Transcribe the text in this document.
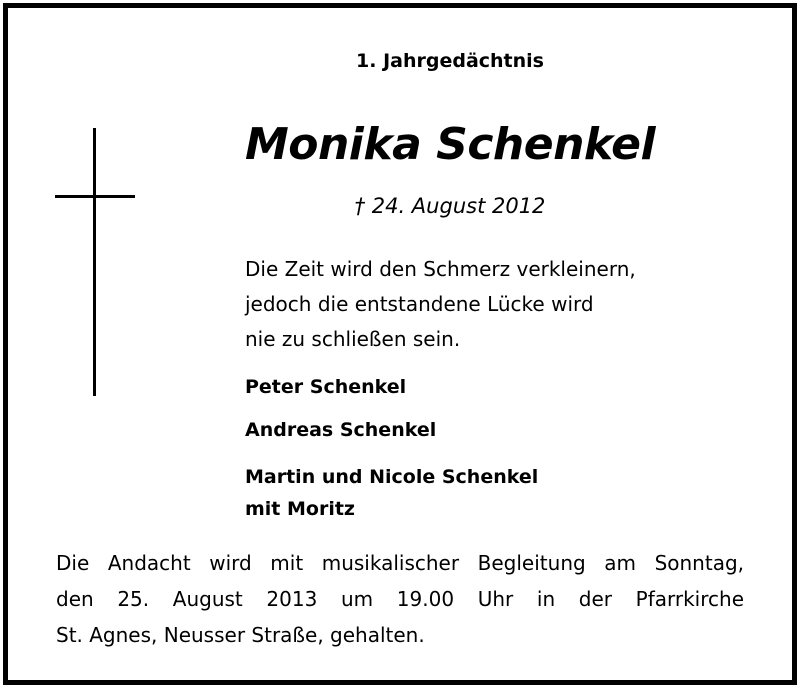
1. Jahrgedächtnis
Monika Schenkel
† 24. August 2012
Die Zeit wird den Schmerz verkleinern,
jedoch die entstandene Lücke wird
nie zu schließen sein.
Peter Schenkel
Andreas Schenkel
Martin und Nicole Schenkel
mit Moritz
Die Andacht wird mit musikalischer Begleitung am Sonntag,
den 25. August 2013 um 19.00 Uhr in der Pfarrkirche
St. Agnes, Neusser Straße, gehalten.
